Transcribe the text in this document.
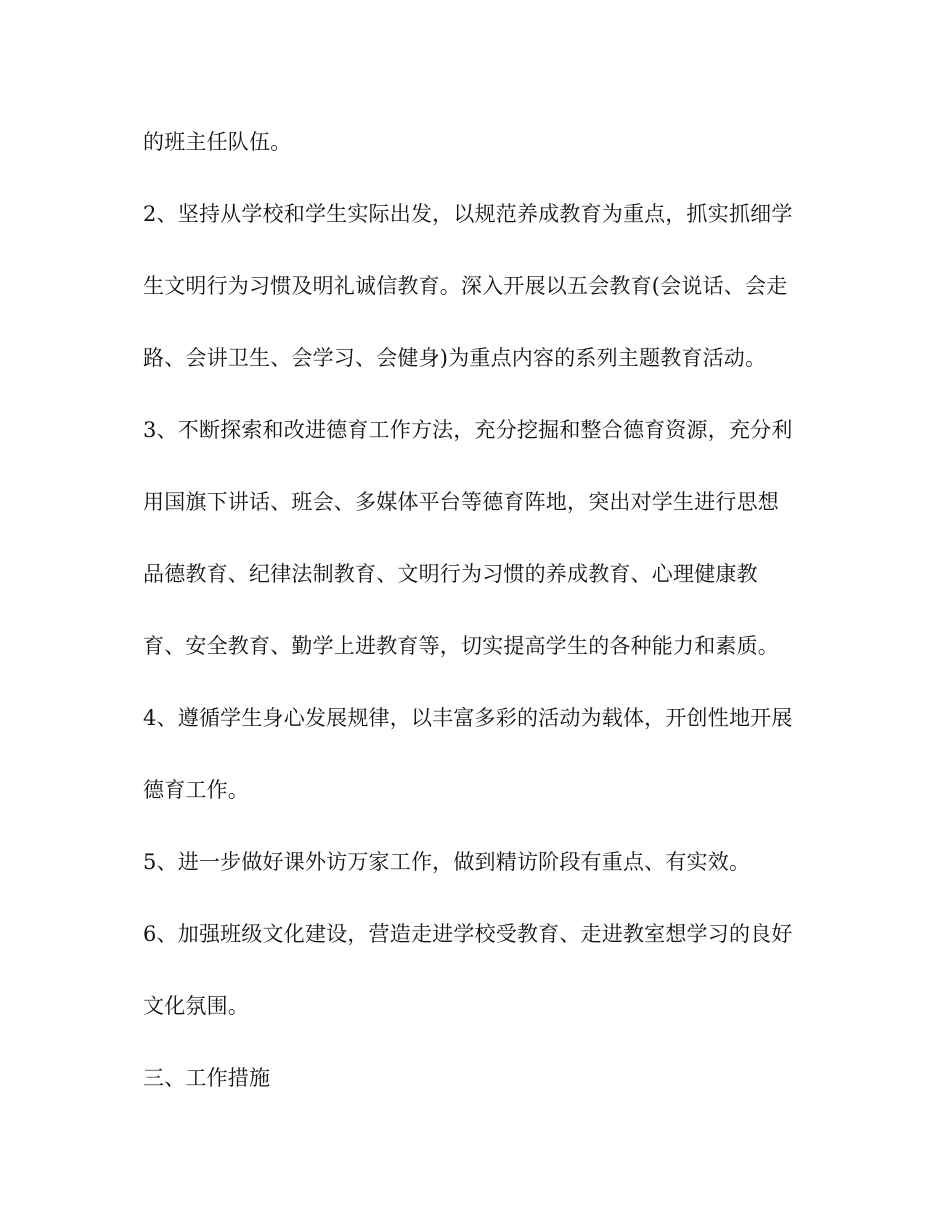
的班主任队伍。
2、坚持从学校和学生实际出发，以规范养成教育为重点，抓实抓细学
生文明行为习惯及明礼诚信教育。深入开展以五会教育(会说话、会走
路、会讲卫生、会学习、会健身)为重点内容的系列主题教育活动。
3、不断探索和改进德育工作方法，充分挖掘和整合德育资源，充分利
用国旗下讲话、班会、多媒体平台等德育阵地，突出对学生进行思想
品德教育、纪律法制教育、文明行为习惯的养成教育、心理健康教
育、安全教育、勤学上进教育等，切实提高学生的各种能力和素质。
4、遵循学生身心发展规律，以丰富多彩的活动为载体，开创性地开展
德育工作。
5、进一步做好课外访万家工作，做到精访阶段有重点、有实效。
6、加强班级文化建设，营造走进学校受教育、走进教室想学习的良好
文化氛围。
三、工作措施
